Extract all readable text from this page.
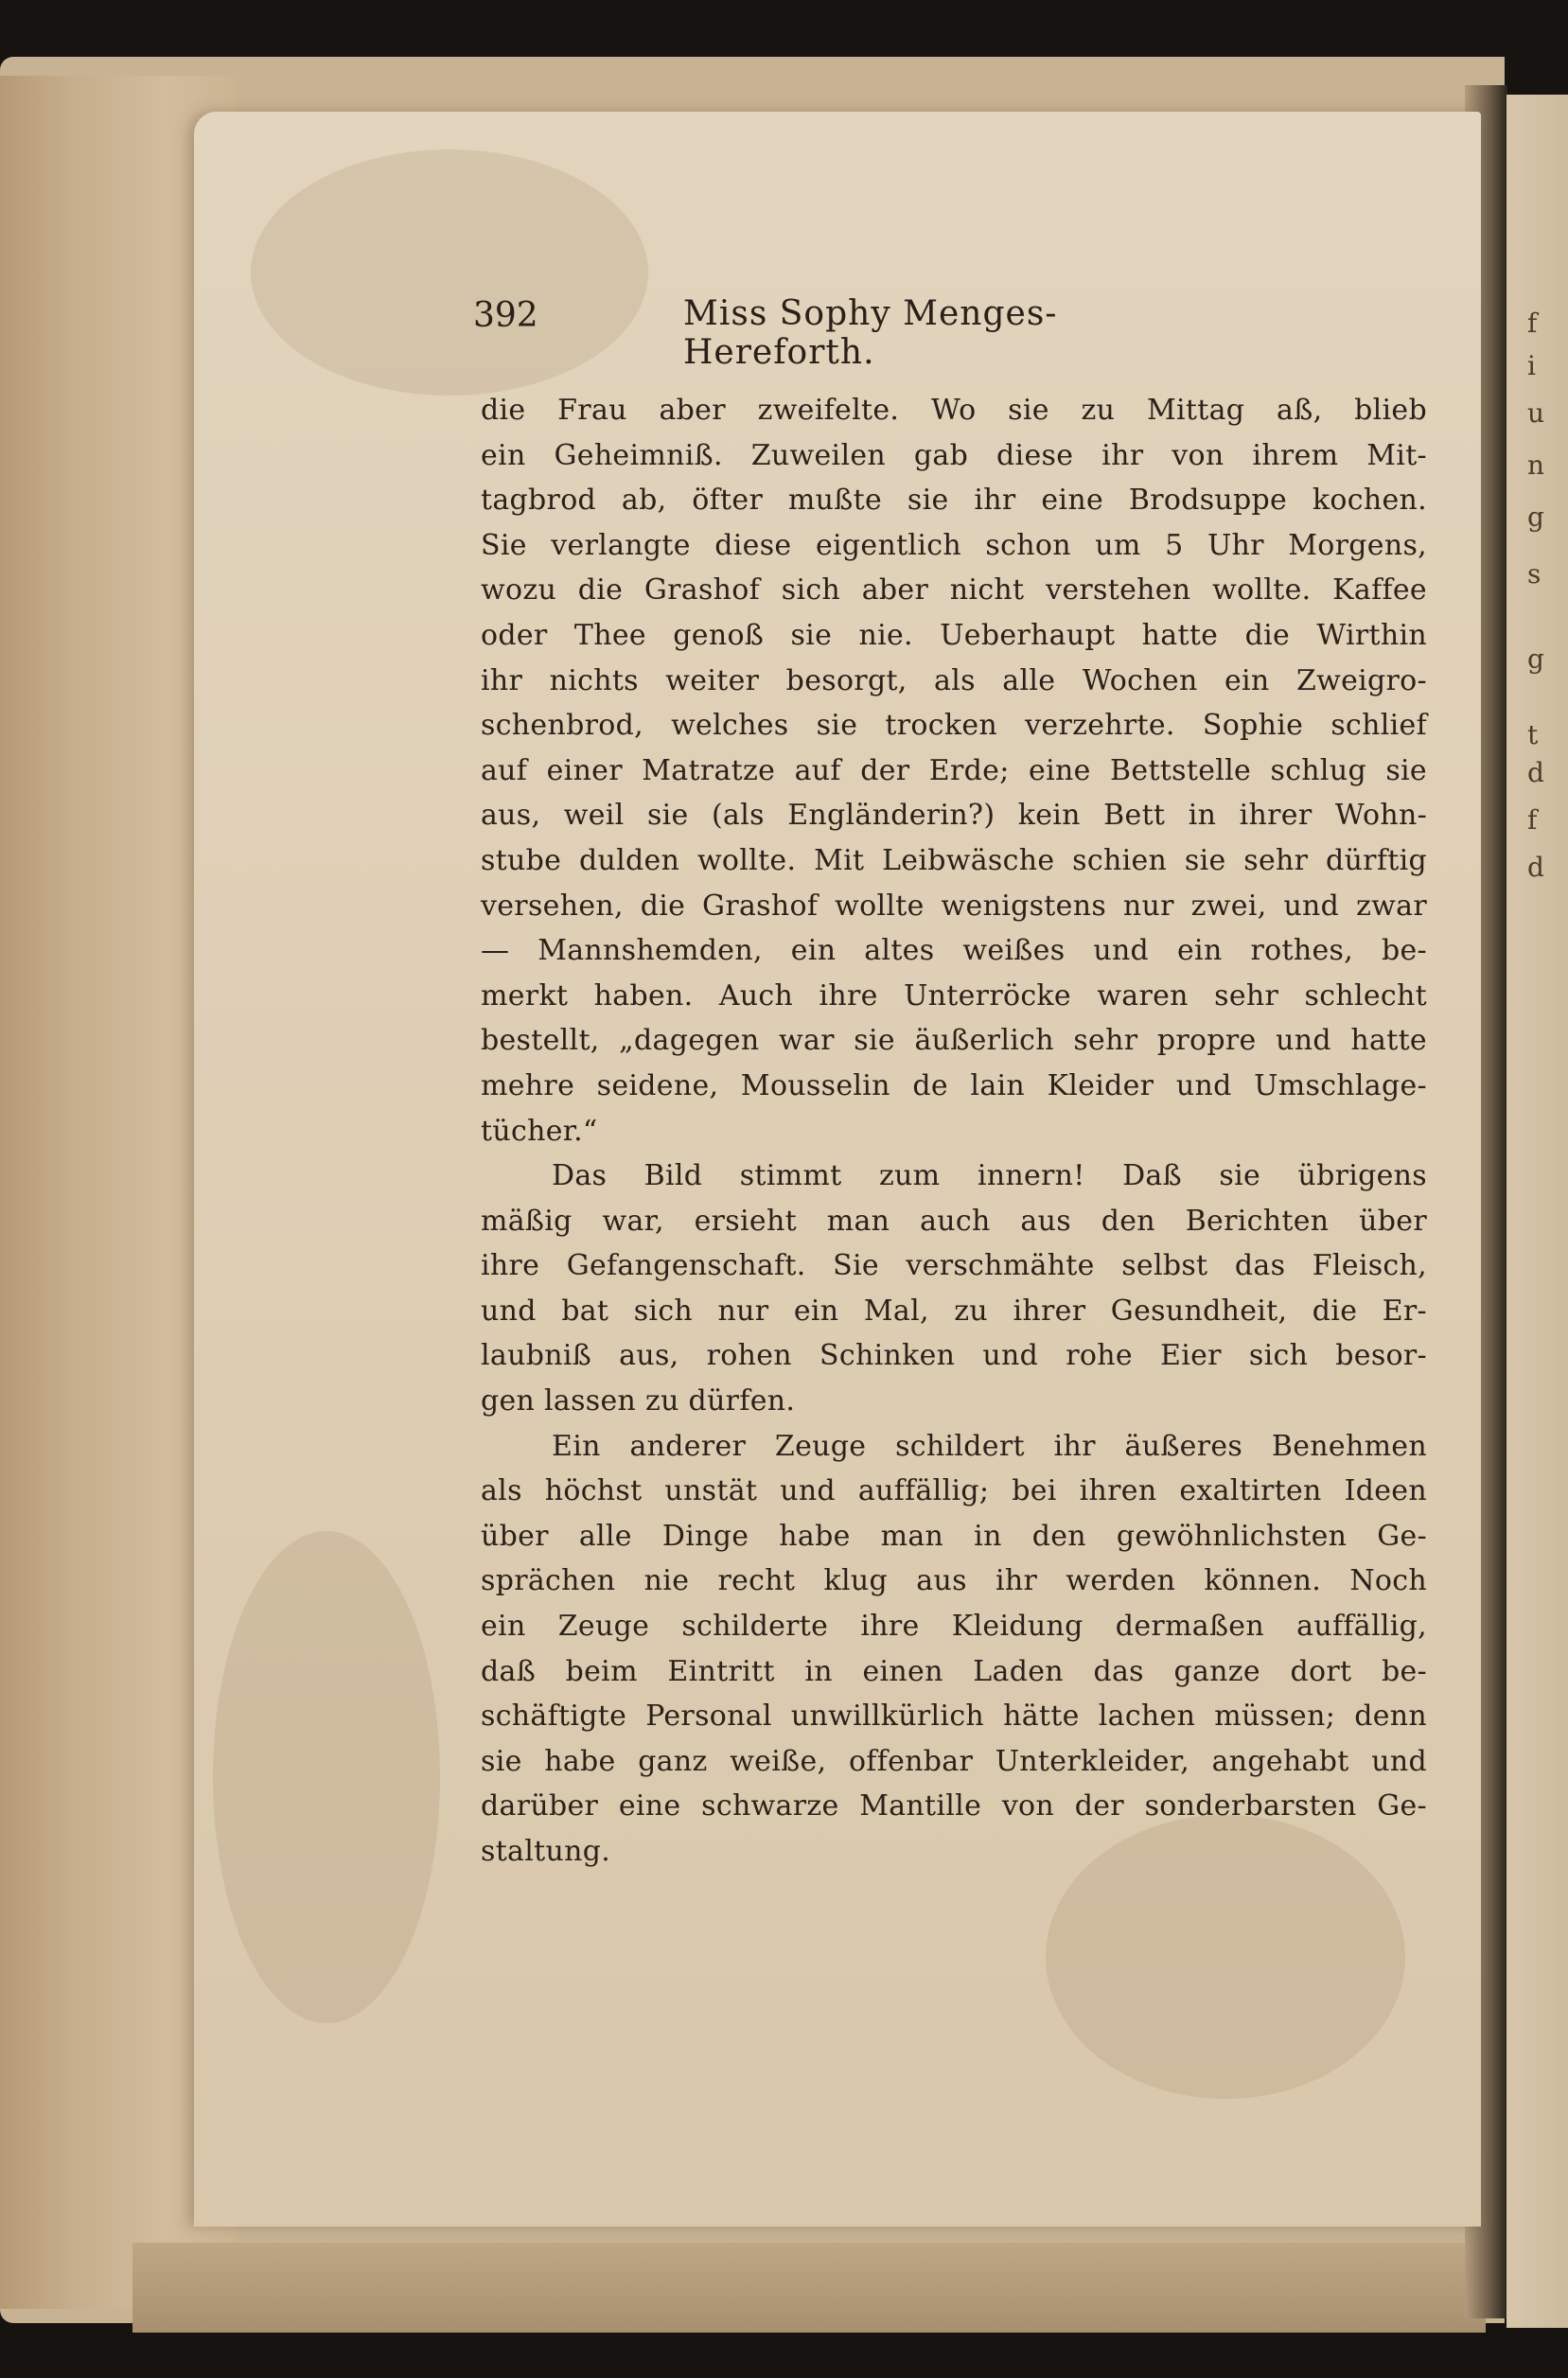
f
i
u
n
g
s
g
t
d
f
d
392	Miss Sophy Menges-Hereforth.
die Frau aber zweifelte. Wo sie zu Mittag aß, blieb
ein Geheimniß. Zuweilen gab diese ihr von ihrem Mit-
tagbrod ab, öfter mußte sie ihr eine Brodsuppe kochen.
Sie verlangte diese eigentlich schon um 5 Uhr Morgens,
wozu die Grashof sich aber nicht verstehen wollte. Kaffee
oder Thee genoß sie nie. Ueberhaupt hatte die Wirthin
ihr nichts weiter besorgt, als alle Wochen ein Zweigro-
schenbrod, welches sie trocken verzehrte. Sophie schlief
auf einer Matratze auf der Erde; eine Bettstelle schlug sie
aus, weil sie (als Engländerin?) kein Bett in ihrer Wohn-
stube dulden wollte. Mit Leibwäsche schien sie sehr dürftig
versehen, die Grashof wollte wenigstens nur zwei, und zwar
— Mannshemden, ein altes weißes und ein rothes, be-
merkt haben. Auch ihre Unterröcke waren sehr schlecht
bestellt, „dagegen war sie äußerlich sehr propre und hatte
mehre seidene, Mousselin de lain Kleider und Umschlage-
tücher.“
Das Bild stimmt zum innern! Daß sie übrigens
mäßig war, ersieht man auch aus den Berichten über
ihre Gefangenschaft. Sie verschmähte selbst das Fleisch,
und bat sich nur ein Mal, zu ihrer Gesundheit, die Er-
laubniß aus, rohen Schinken und rohe Eier sich besor-
gen lassen zu dürfen.
Ein anderer Zeuge schildert ihr äußeres Benehmen
als höchst unstät und auffällig; bei ihren exaltirten Ideen
über alle Dinge habe man in den gewöhnlichsten Ge-
sprächen nie recht klug aus ihr werden können. Noch
ein Zeuge schilderte ihre Kleidung dermaßen auffällig,
daß beim Eintritt in einen Laden das ganze dort be-
schäftigte Personal unwillkürlich hätte lachen müssen; denn
sie habe ganz weiße, offenbar Unterkleider, angehabt und
darüber eine schwarze Mantille von der sonderbarsten Ge-
staltung.
